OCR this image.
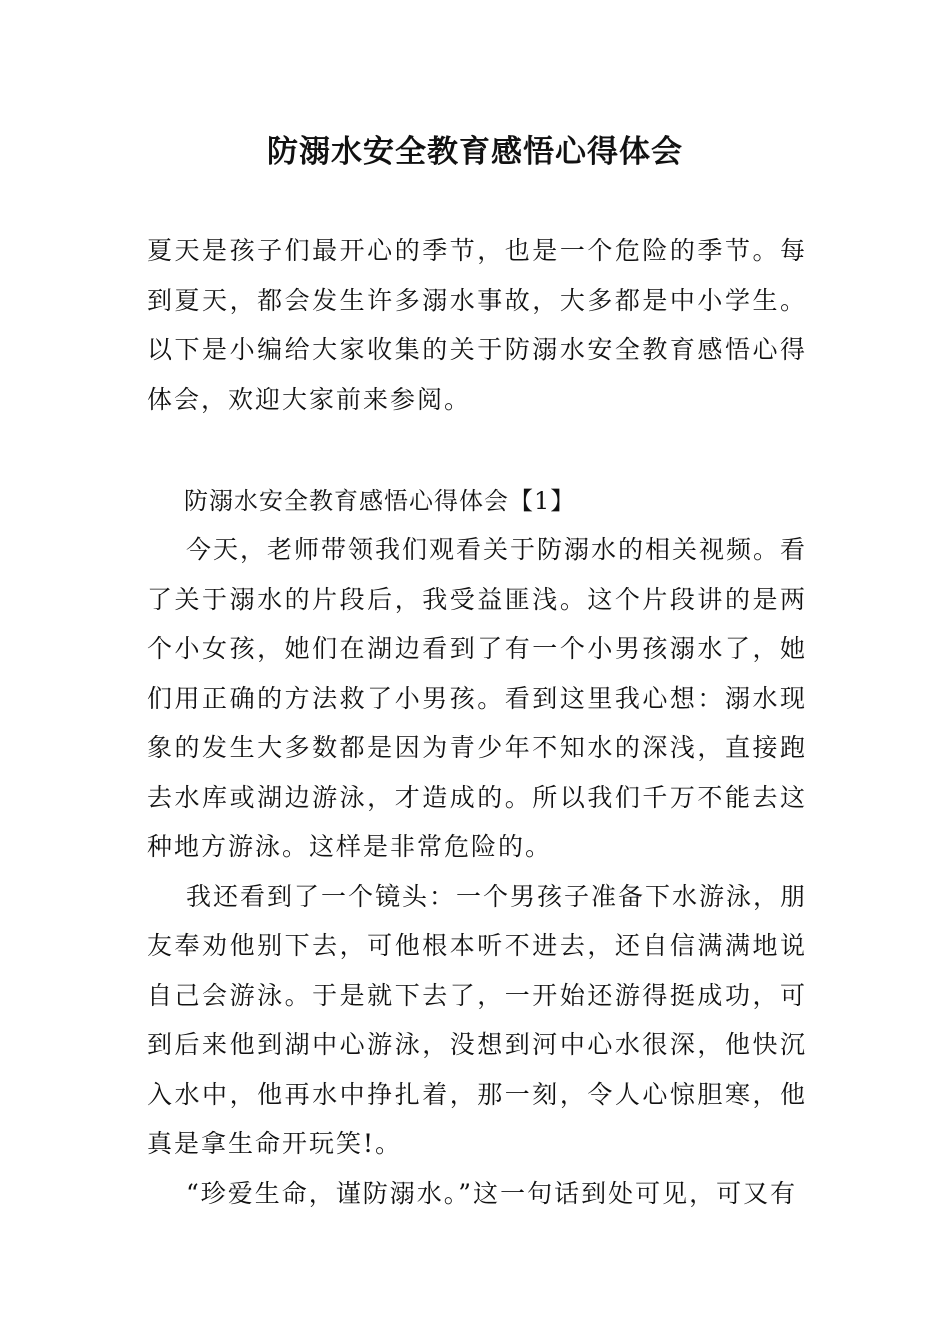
防溺水安全教育感悟心得体会

夏天是孩子们最开心的季节，也是一个危险的季节。每到夏天，都会发生许多溺水事故，大多都是中小学生。以下是小编给大家收集的关于防溺水安全教育感悟心得体会，欢迎大家前来参阅。

防溺水安全教育感悟心得体会【1】

今天，老师带领我们观看关于防溺水的相关视频。看了关于溺水的片段后，我受益匪浅。这个片段讲的是两个小女孩，她们在湖边看到了有一个小男孩溺水了，她们用正确的方法救了小男孩。看到这里我心想：溺水现象的发生大多数都是因为青少年不知水的深浅，直接跑去水库或湖边游泳，才造成的。所以我们千万不能去这种地方游泳。这样是非常危险的。

我还看到了一个镜头：一个男孩子准备下水游泳，朋友奉劝他别下去，可他根本听不进去，还自信满满地说自己会游泳。于是就下去了，一开始还游得挺成功，可到后来他到湖中心游泳，没想到河中心水很深，他快沉入水中，他再水中挣扎着，那一刻，令人心惊胆寒，他真是拿生命开玩笑!。

“珍爱生命，谨防溺水。”这一句话到处可见，可又有
